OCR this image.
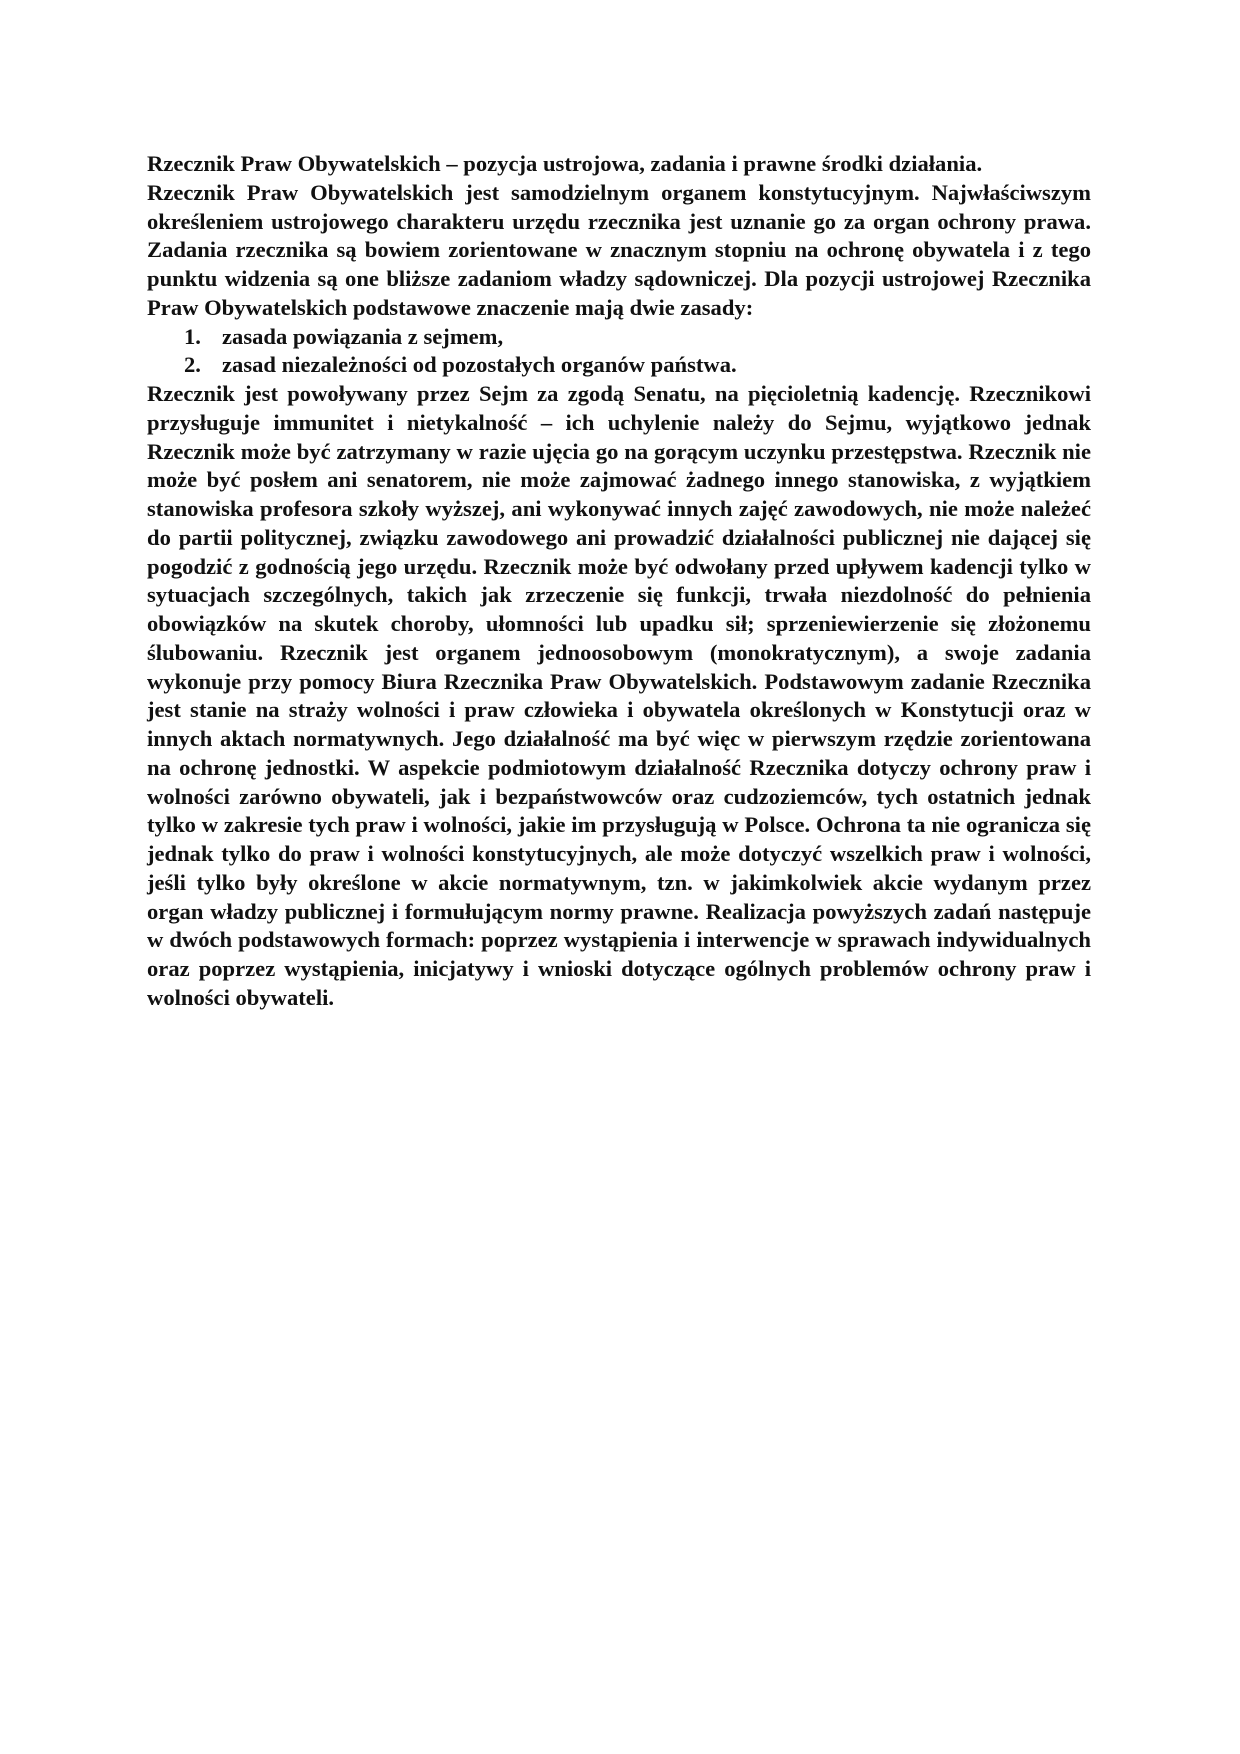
Rzecznik Praw Obywatelskich – pozycja ustrojowa, zadania i prawne środki działania.

Rzecznik Praw Obywatelskich jest samodzielnym organem konstytucyjnym. Najwłaściwszym określeniem ustrojowego charakteru urzędu rzecznika jest uznanie go za organ ochrony prawa. Zadania rzecznika są bowiem zorientowane w znacznym stopniu na ochronę obywatela i z tego punktu widzenia są one bliższe zadaniom władzy sądowniczej. Dla pozycji ustrojowej Rzecznika Praw Obywatelskich podstawowe znaczenie mają dwie zasady:

1. zasada powiązania z sejmem,
2. zasad niezależności od pozostałych organów państwa.

Rzecznik jest powoływany przez Sejm za zgodą Senatu, na pięcioletnią kadencję. Rzecznikowi przysługuje immunitet i nietykalność – ich uchylenie należy do Sejmu, wyjątkowo jednak Rzecznik może być zatrzymany w razie ujęcia go na gorącym uczynku przestępstwa. Rzecznik nie może być posłem ani senatorem, nie może zajmować żadnego innego stanowiska, z wyjątkiem stanowiska profesora szkoły wyższej, ani wykonywać innych zajęć zawodowych, nie może należeć do partii politycznej, związku zawodowego ani prowadzić działalności publicznej nie dającej się pogodzić z godnością jego urzędu. Rzecznik może być odwołany przed upływem kadencji tylko w sytuacjach szczególnych, takich jak zrzeczenie się funkcji, trwała niezdolność do pełnienia obowiązków na skutek choroby, ułomności lub upadku sił; sprzeniewierzenie się złożonemu ślubowaniu. Rzecznik jest organem jednoosobowym (monokratycznym), a swoje zadania wykonuje przy pomocy Biura Rzecznika Praw Obywatelskich. Podstawowym zadanie Rzecznika jest stanie na straży wolności i praw człowieka i obywatela określonych w Konstytucji oraz w innych aktach normatywnych. Jego działalność ma być więc w pierwszym rzędzie zorientowana na ochronę jednostki. W aspekcie podmiotowym działalność Rzecznika dotyczy ochrony praw i wolności zarówno obywateli, jak i bezpaństwowców oraz cudzoziemców, tych ostatnich jednak tylko w zakresie tych praw i wolności, jakie im przysługują w Polsce. Ochrona ta nie ogranicza się jednak tylko do praw i wolności konstytucyjnych, ale może dotyczyć wszelkich praw i wolności, jeśli tylko były określone w akcie normatywnym, tzn. w jakimkolwiek akcie wydanym przez organ władzy publicznej i formułującym normy prawne. Realizacja powyższych zadań następuje w dwóch podstawowych formach: poprzez wystąpienia i interwencje w sprawach indywidualnych oraz poprzez wystąpienia, inicjatywy i wnioski dotyczące ogólnych problemów ochrony praw i wolności obywateli.
